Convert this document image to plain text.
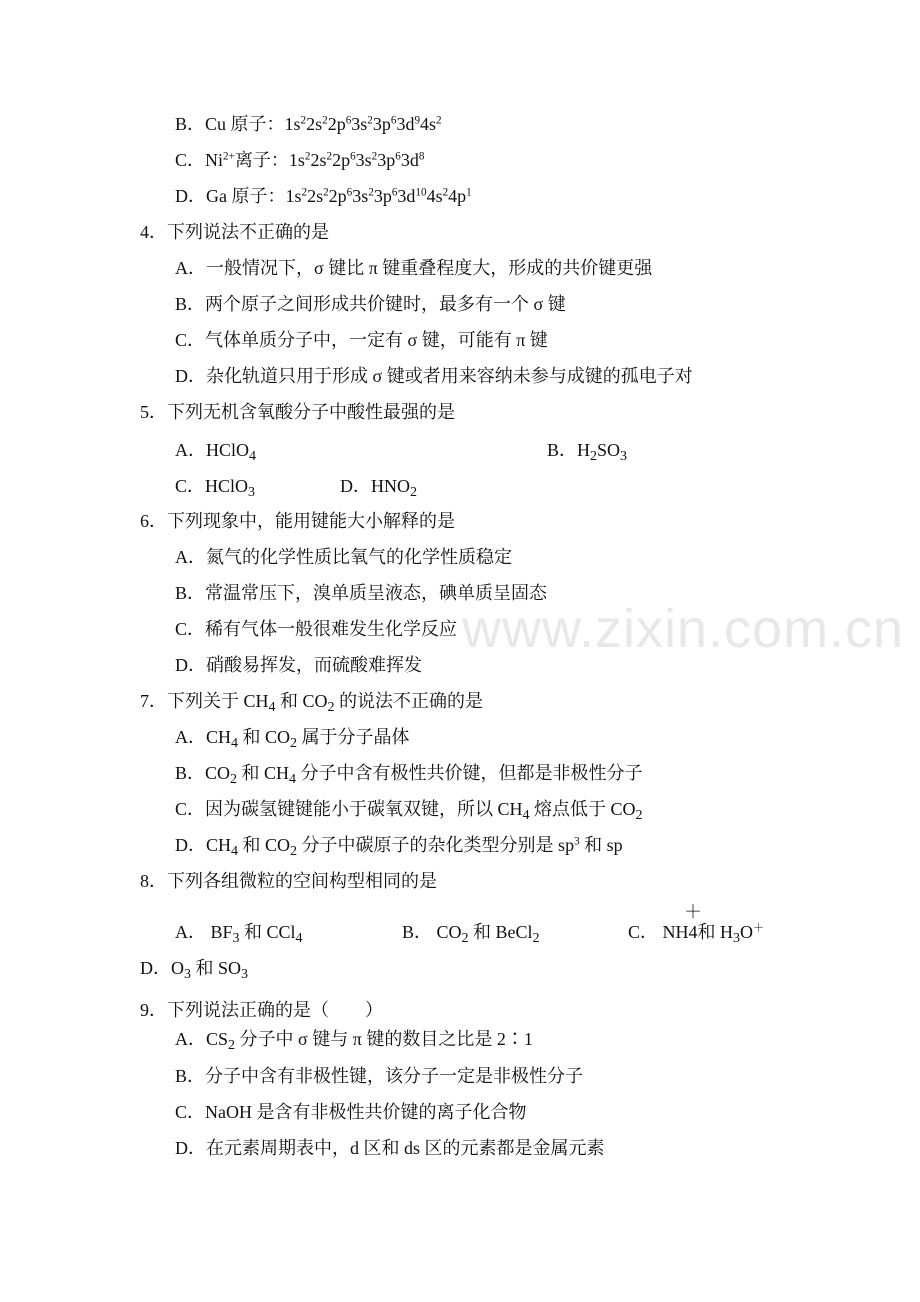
www.zixin.com.cn
B．Cu 原子：$1s^22s^22p^63s^23p^63d^94s^2$
C．$Ni^{2+}$离子：$1s^22s^22p^63s^23p^63d^8$
D．Ga 原子：$1s^22s^22p^63s^23p^63d^{10}4s^24p^1$
4．下列说法不正确的是
A．一般情况下，σ 键比 π 键重叠程度大，形成的共价键更强
B．两个原子之间形成共价键时，最多有一个 σ 键
C．气体单质分子中，一定有 σ 键，可能有 π 键
D．杂化轨道只用于形成 σ 键或者用来容纳未参与成键的孤电子对
5．下列无机含氧酸分子中酸性最强的是
A．HClO$_4$	B．$H_2SO_3$
C．HClO$_3$	D．$HNO_2$
6．下列现象中，能用键能大小解释的是
A．氮气的化学性质比氧气的化学性质稳定
B．常温常压下，溴单质呈液态，碘单质呈固态
C．稀有气体一般很难发生化学反应
D．硝酸易挥发，而硫酸难挥发
7．下列关于 $CH_4$ 和 $CO_2$ 的说法不正确的是
A．$CH_4$ 和 $CO_2$ 属于分子晶体
B．$CO_2$ 和 $CH_4$ 分子中含有极性共价键，但都是非极性分子
C．因为碳氢键键能小于碳氧双键，所以 $CH_4$ 熔点低于 $CO_2$
D．$CH_4$ 和 $CO_2$ 分子中碳原子的杂化类型分别是 $sp^3$ 和 sp
8．下列各组微粒的空间构型相同的是
A． $BF_3$ 和 CCl$_4$	B． $CO_2$ 和 BeCl$_2$	C． NH4
＋
和 $H_3O^+$
D．$O_3$ 和 $SO_3$
9．下列说法正确的是（　　）
A．$CS_2$ 分子中 σ 键与 π 键的数目之比是 2∶1
B．分子中含有非极性键，该分子一定是非极性分子
C．NaOH 是含有非极性共价键的离子化合物
D．在元素周期表中，d 区和 ds 区的元素都是金属元素
